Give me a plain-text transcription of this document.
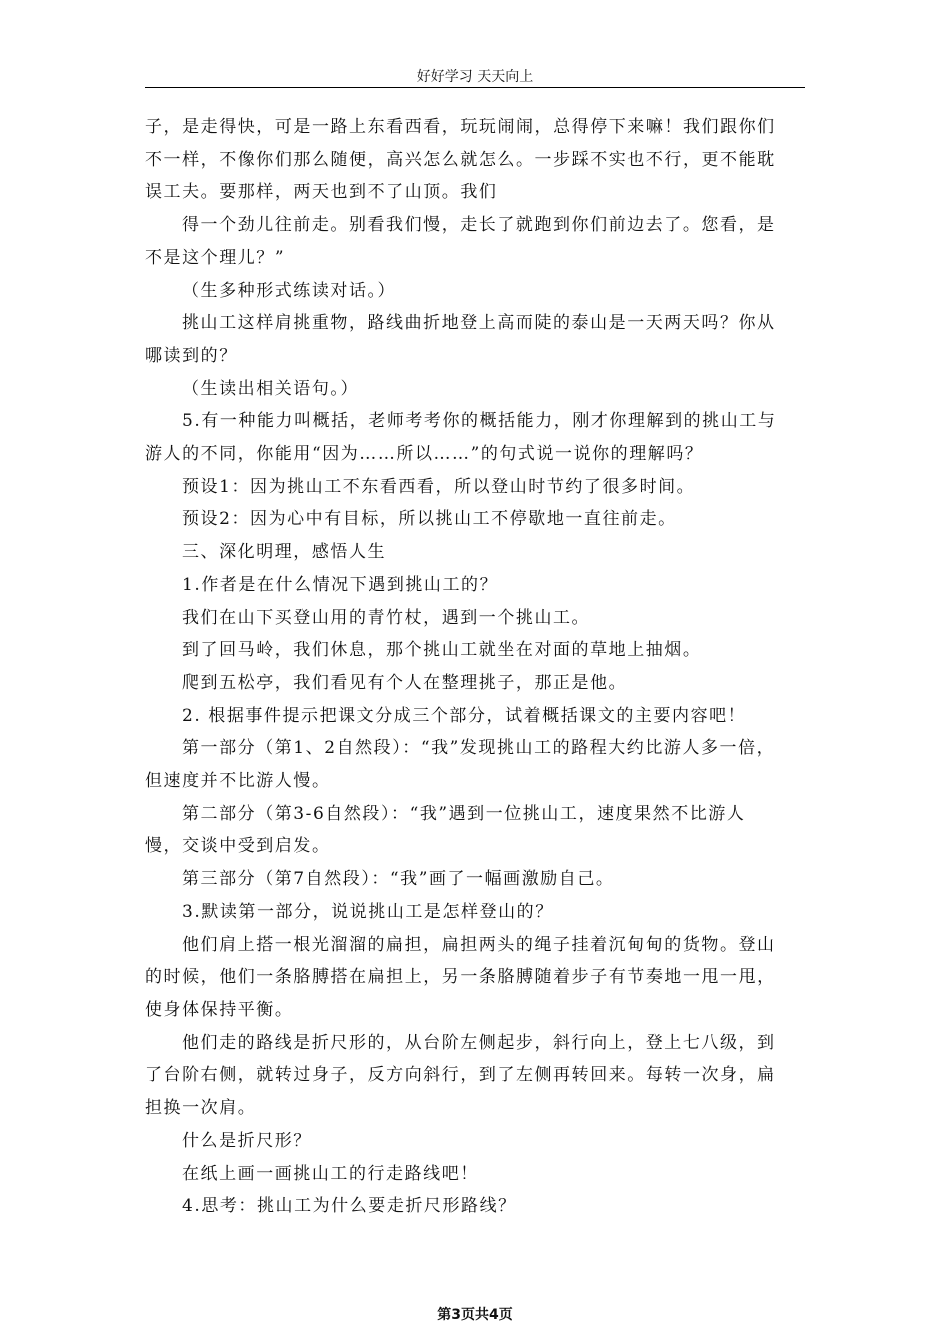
好好学习 天天向上

子，是走得快，可是一路上东看西看，玩玩闹闹，总得停下来嘛！我们跟你们

不一样，不像你们那么随便，高兴怎么就怎么。一步踩不实也不行，更不能耽

误工夫。要那样，两天也到不了山顶。我们

得一个劲儿往前走。别看我们慢，走长了就跑到你们前边去了。您看，是

不是这个理儿？”

（生多种形式练读对话。）

挑山工这样肩挑重物，路线曲折地登上高而陡的泰山是一天两天吗？你从

哪读到的？

（生读出相关语句。）

5.有一种能力叫概括，老师考考你的概括能力，刚才你理解到的挑山工与

游人的不同，你能用“因为……所以……”的句式说一说你的理解吗？

预设1：因为挑山工不东看西看，所以登山时节约了很多时间。

预设2：因为心中有目标，所以挑山工不停歇地一直往前走。

三、深化明理，感悟人生

1.作者是在什么情况下遇到挑山工的？

我们在山下买登山用的青竹杖，遇到一个挑山工。

到了回马岭，我们休息，那个挑山工就坐在对面的草地上抽烟。

爬到五松亭，我们看见有个人在整理挑子，那正是他。

2. 根据事件提示把课文分成三个部分，试着概括课文的主要内容吧！

第一部分（第1、2自然段）：“我”发现挑山工的路程大约比游人多一倍，

但速度并不比游人慢。

第二部分（第3-6自然段）：“我”遇到一位挑山工，速度果然不比游人

慢，交谈中受到启发。

第三部分（第7自然段）：“我”画了一幅画激励自己。

3.默读第一部分，说说挑山工是怎样登山的？

他们肩上搭一根光溜溜的扁担，扁担两头的绳子挂着沉甸甸的货物。登山

的时候，他们一条胳膊搭在扁担上，另一条胳膊随着步子有节奏地一甩一甩，

使身体保持平衡。

他们走的路线是折尺形的，从台阶左侧起步，斜行向上，登上七八级，到

了台阶右侧，就转过身子，反方向斜行，到了左侧再转回来。每转一次身，扁

担换一次肩。

什么是折尺形？

在纸上画一画挑山工的行走路线吧！

4.思考：挑山工为什么要走折尺形路线？

第3页共4页
